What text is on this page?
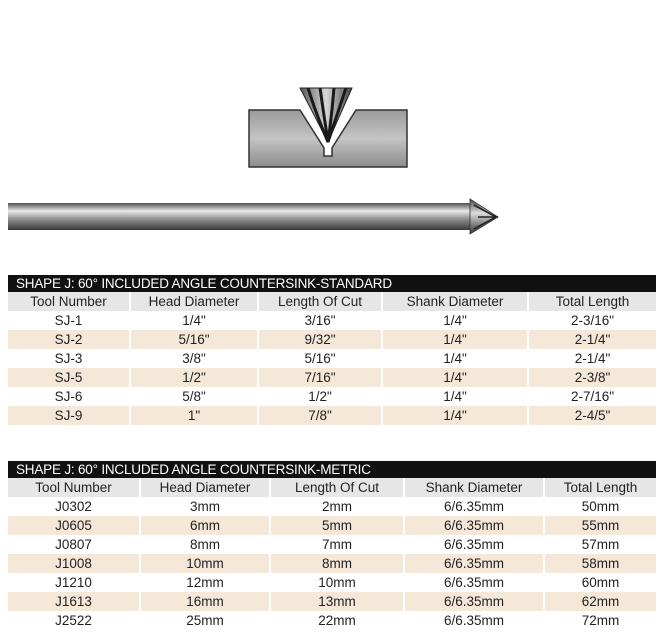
SHAPE J: 60° INCLUDED ANGLE COUNTERSINK-STANDARD
Tool Number	Head Diameter	Length Of Cut	Shank Diameter	Total Length
SJ-1	1/4"	3/16"	1/4"	2-3/16"
SJ-2	5/16"	9/32"	1/4"	2-1/4"
SJ-3	3/8"	5/16"	1/4"	2-1/4"
SJ-5	1/2"	7/16"	1/4"	2-3/8"
SJ-6	5/8"	1/2"	1/4"	2-7/16"
SJ-9	1"	7/8"	1/4"	2-4/5"
SHAPE J: 60° INCLUDED ANGLE COUNTERSINK-METRIC
Tool Number	Head Diameter	Length Of Cut	Shank Diameter	Total Length
J0302	3mm	2mm	6/6.35mm	50mm
J0605	6mm	5mm	6/6.35mm	55mm
J0807	8mm	7mm	6/6.35mm	57mm
J1008	10mm	8mm	6/6.35mm	58mm
J1210	12mm	10mm	6/6.35mm	60mm
J1613	16mm	13mm	6/6.35mm	62mm
J2522	25mm	22mm	6/6.35mm	72mm
